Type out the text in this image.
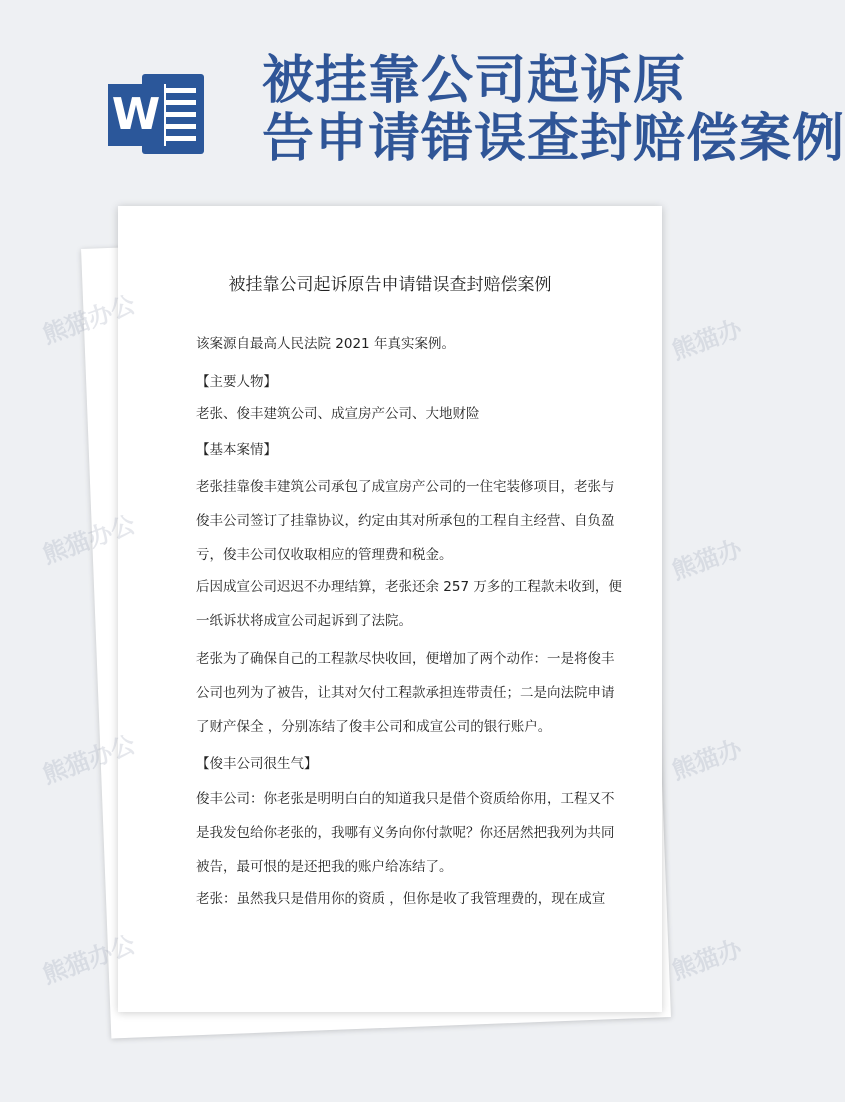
W
被挂靠公司起诉原
告申请错误查封赔偿案例
被挂靠公司起诉原告申请错误查封赔偿案例

该案源自最高人民法院 2021 年真实案例。

【主要人物】

老张、俊丰建筑公司、成宣房产公司、大地财险

【基本案情】

老张挂靠俊丰建筑公司承包了成宣房产公司的一住宅装修项目，老张与俊丰公司签订了挂靠协议，约定由其对所承包的工程自主经营、自负盈亏，俊丰公司仅收取相应的管理费和税金。

后因成宣公司迟迟不办理结算，老张还余 257 万多的工程款未收到，便一纸诉状将成宣公司起诉到了法院。

老张为了确保自己的工程款尽快收回，便增加了两个动作：一是将俊丰公司也列为了被告，让其对欠付工程款承担连带责任；二是向法院申请了财产保全 ，分别冻结了俊丰公司和成宣公司的银行账户。

【俊丰公司很生气】

俊丰公司：你老张是明明白白的知道我只是借个资质给你用，工程又不是我发包给你老张的，我哪有义务向你付款呢？你还居然把我列为共同被告，最可恨的是还把我的账户给冻结了。

老张：虽然我只是借用你的资质 ，但你是收了我管理费的，现在成宣

熊猫办公
熊猫办公
熊猫办公
熊猫办公
熊猫办
熊猫办
熊猫办
熊猫办
